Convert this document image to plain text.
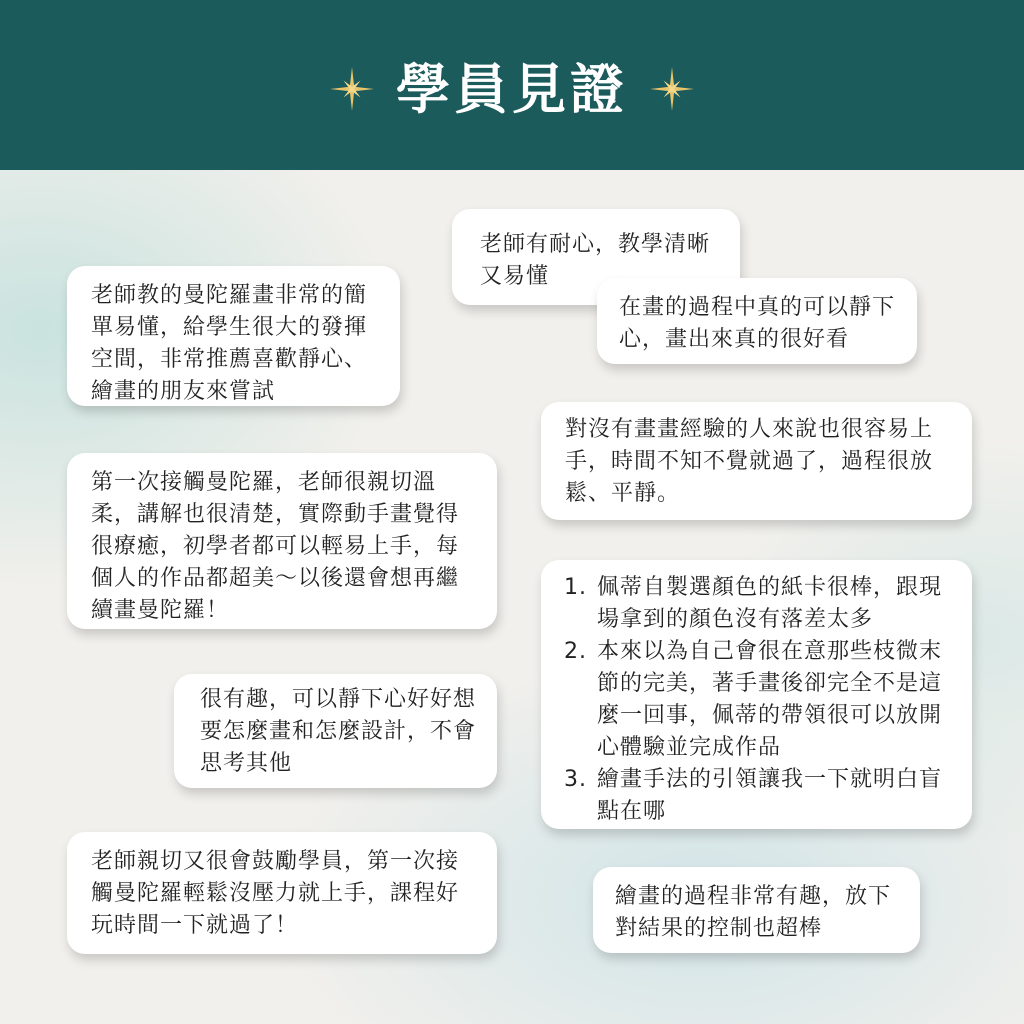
學員見證

老師有耐心，教學清晰又易懂

老師教的曼陀羅畫非常的簡單易懂，給學生很大的發揮空間，非常推薦喜歡靜心、繪畫的朋友來嘗試

在畫的過程中真的可以靜下心，畫出來真的很好看

對沒有畫畫經驗的人來說也很容易上手，時間不知不覺就過了，過程很放鬆、平靜。

第一次接觸曼陀羅，老師很親切溫柔，講解也很清楚，實際動手畫覺得很療癒，初學者都可以輕易上手，每個人的作品都超美～以後還會想再繼續畫曼陀羅！

1. 佩蒂自製選顏色的紙卡很棒，跟現場拿到的顏色沒有落差太多
2. 本來以為自己會很在意那些枝微末節的完美，著手畫後卻完全不是這麼一回事，佩蒂的帶領很可以放開心體驗並完成作品
3. 繪畫手法的引領讓我一下就明白盲點在哪

很有趣，可以靜下心好好想要怎麼畫和怎麼設計，不會思考其他

老師親切又很會鼓勵學員，第一次接觸曼陀羅輕鬆沒壓力就上手，課程好玩時間一下就過了！

繪畫的過程非常有趣，放下對結果的控制也超棒
